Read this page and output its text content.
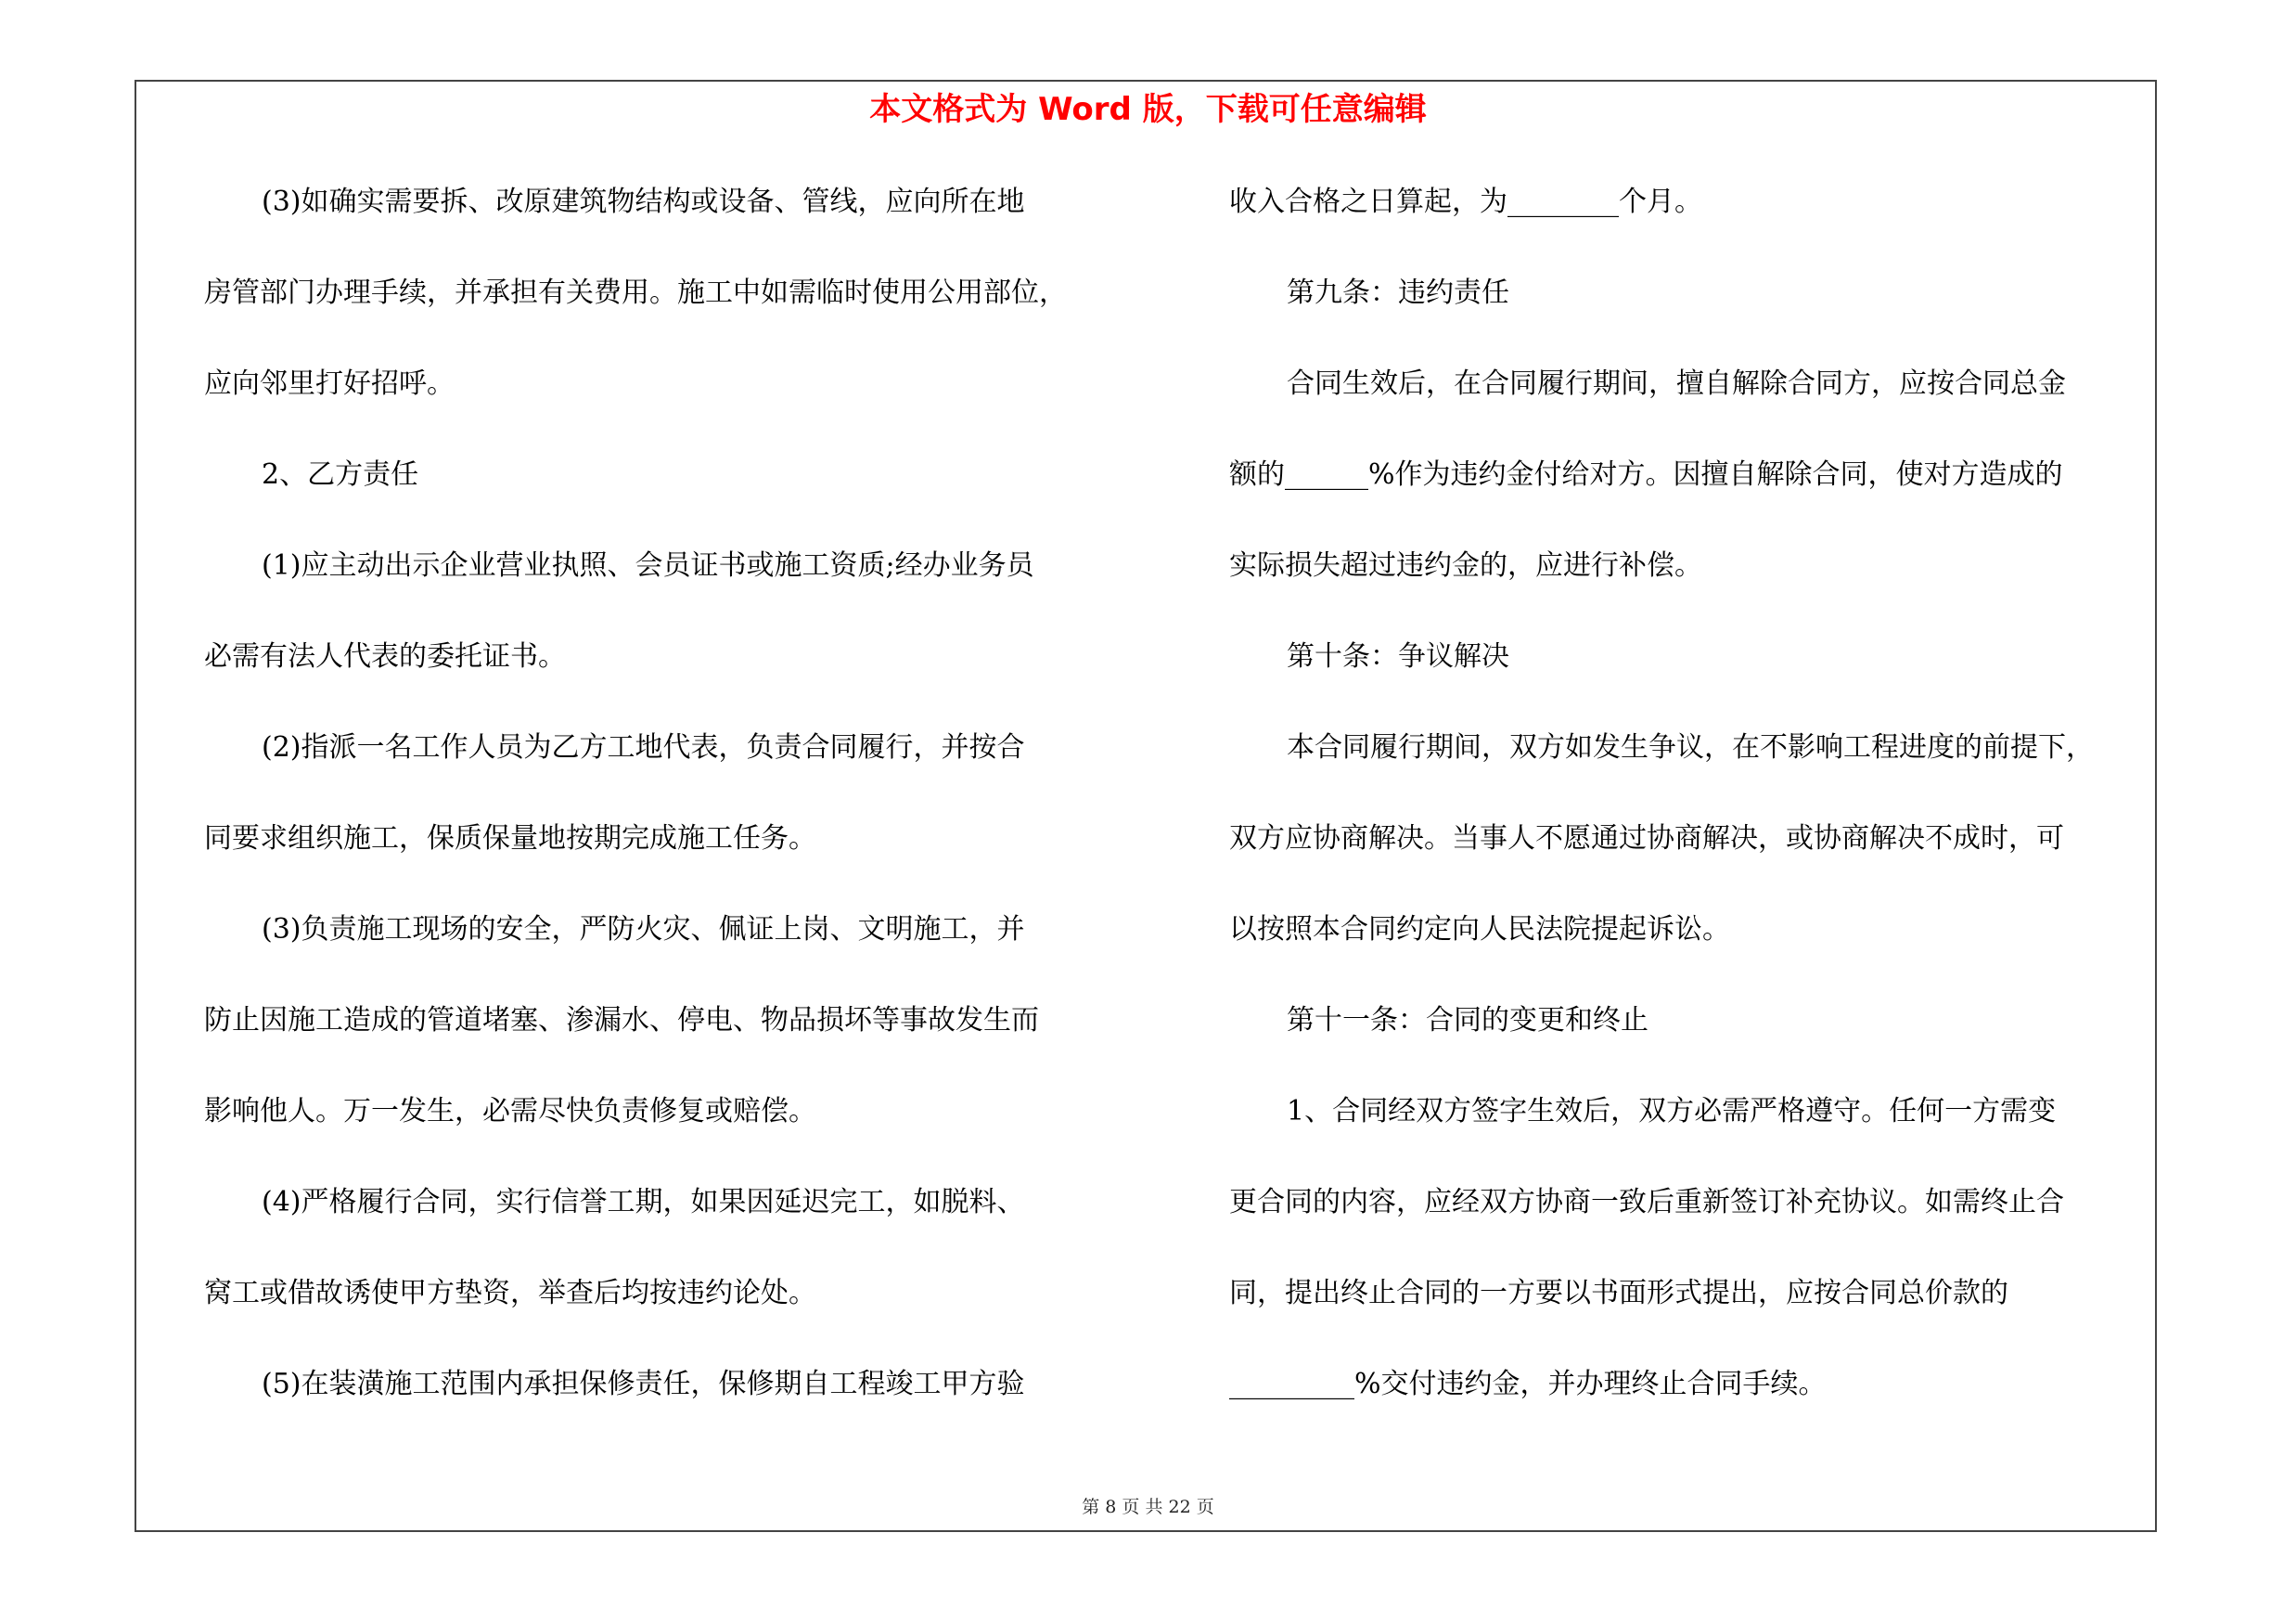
本文格式为 Word 版，下载可任意编辑
(3)如确实需要拆、改原建筑物结构或设备、管线，应向所在地
房管部门办理手续，并承担有关费用。施工中如需临时使用公用部位，
应向邻里打好招呼。
2、乙方责任
(1)应主动出示企业营业执照、会员证书或施工资质;经办业务员
必需有法人代表的委托证书。
(2)指派一名工作人员为乙方工地代表，负责合同履行，并按合
同要求组织施工，保质保量地按期完成施工任务。
(3)负责施工现场的安全，严防火灾、佩证上岗、文明施工，并
防止因施工造成的管道堵塞、渗漏水、停电、物品损坏等事故发生而
影响他人。万一发生，必需尽快负责修复或赔偿。
(4)严格履行合同，实行信誉工期，如果因延迟完工，如脱料、
窝工或借故诱使甲方垫资，举查后均按违约论处。
(5)在装潢施工范围内承担保修责任，保修期自工程竣工甲方验
收入合格之日算起，为________个月。
第九条：违约责任
合同生效后，在合同履行期间，擅自解除合同方，应按合同总金
额的______%作为违约金付给对方。因擅自解除合同，使对方造成的
实际损失超过违约金的，应进行补偿。
第十条：争议解决
本合同履行期间，双方如发生争议，在不影响工程进度的前提下，
双方应协商解决。当事人不愿通过协商解决，或协商解决不成时，可
以按照本合同约定向人民法院提起诉讼。
第十一条：合同的变更和终止
1、合同经双方签字生效后，双方必需严格遵守。任何一方需变
更合同的内容，应经双方协商一致后重新签订补充协议。如需终止合
同，提出终止合同的一方要以书面形式提出，应按合同总价款的
_________%交付违约金，并办理终止合同手续。
第 8 页 共 22 页
